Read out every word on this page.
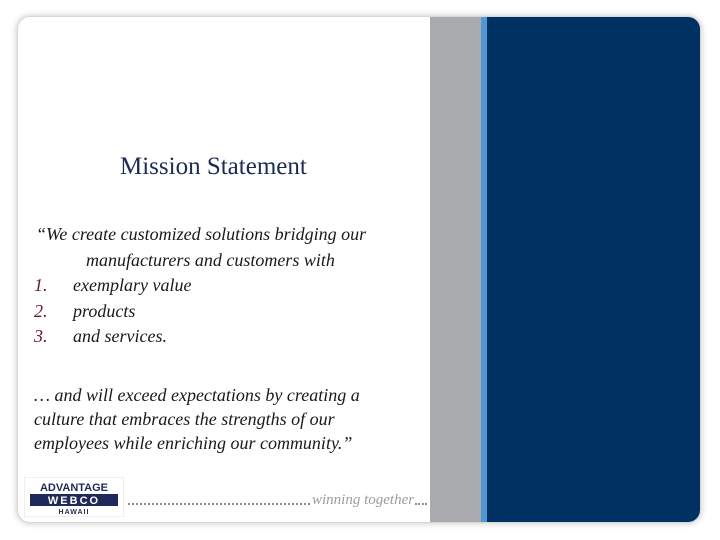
Mission Statement
“We create customized solutions bridging our
manufacturers and customers with
1. exemplary value
2. products
3. and services.
… and will exceed expectations by creating a
culture that embraces the strengths of our
employees while enriching our community.”
ADVANTAGE
WEBCO
HAWAII
winning together
